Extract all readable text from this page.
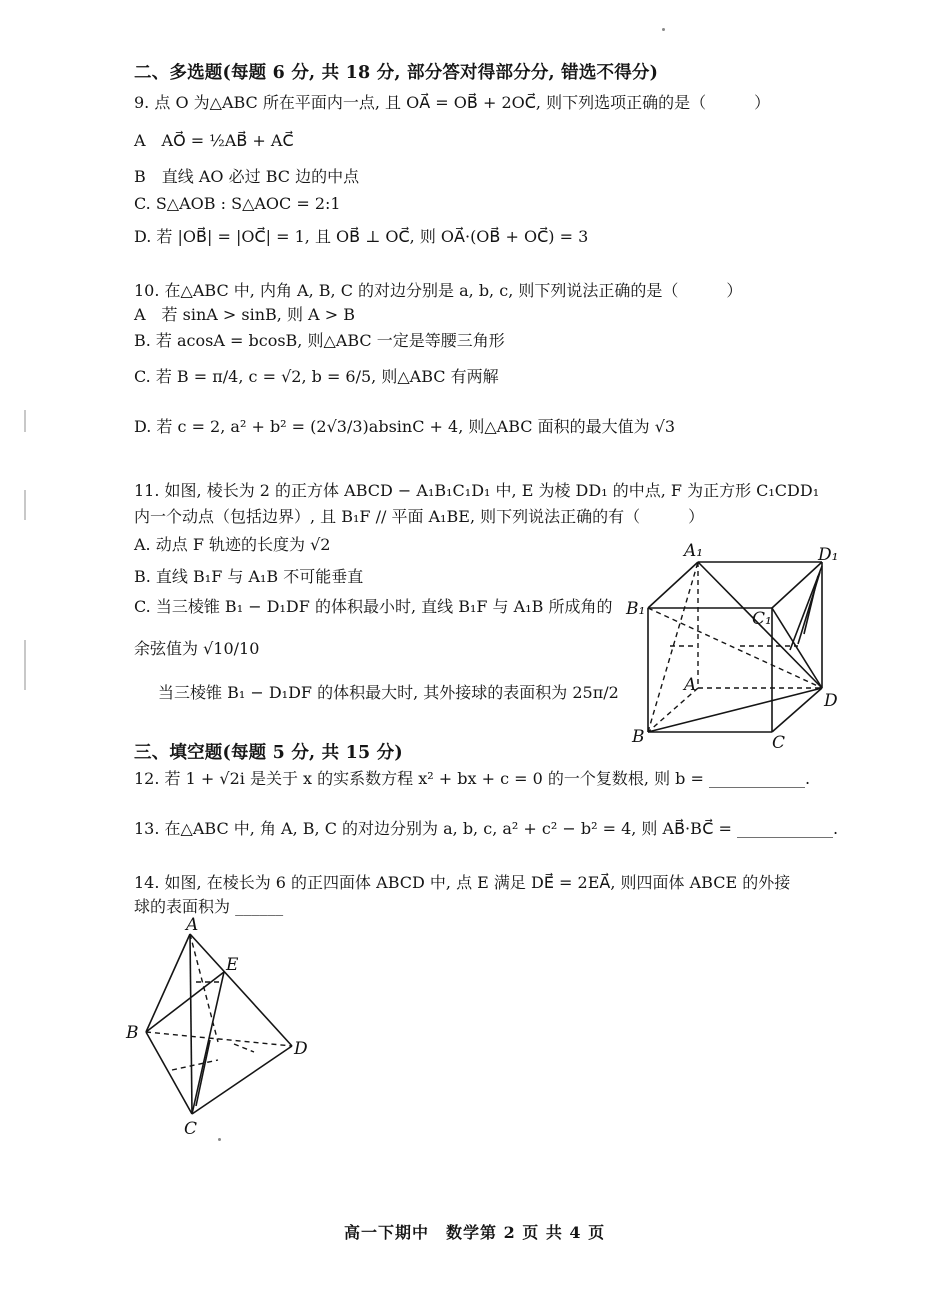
二、多选题(每题 6 分, 共 18 分, 部分答对得部分分, 错选不得分)
9. 点 O 为△ABC 所在平面内一点, 且 OA⃗ = OB⃗ + 2OC⃗, 则下列选项正确的是（　　　）
A　AO⃗ = ½AB⃗ + AC⃗
B　直线 AO 必过 BC 边的中点
C. S△AOB : S△AOC = 2:1
D. 若 |OB⃗| = |OC⃗| = 1, 且 OB⃗ ⊥ OC⃗, 则 OA⃗·(OB⃗ + OC⃗) = 3
10. 在△ABC 中, 内角 A, B, C 的对边分别是 a, b, c, 则下列说法正确的是（　　　）
A　若 sinA > sinB, 则 A > B
B. 若 acosA = bcosB, 则△ABC 一定是等腰三角形
C. 若 B = π/4, c = √2, b = 6/5, 则△ABC 有两解
D. 若 c = 2, a² + b² = (2√3/3)absinC + 4, 则△ABC 面积的最大值为 √3
11. 如图, 棱长为 2 的正方体 ABCD − A₁B₁C₁D₁ 中, E 为棱 DD₁ 的中点, F 为正方形 C₁CDD₁
内一个动点（包括边界）, 且 B₁F // 平面 A₁BE, 则下列说法正确的有（　　　）
A. 动点 F 轨迹的长度为 √2
B. 直线 B₁F 与 A₁B 不可能垂直
C. 当三棱锥 B₁ − D₁DF 的体积最小时, 直线 B₁F 与 A₁B 所成角的
余弦值为 √10/10
当三棱锥 B₁ − D₁DF 的体积最大时, 其外接球的表面积为 25π/2
A₁	D₁
B₁	C₁
A
D
B	C
三、填空题(每题 5 分, 共 15 分)
12. 若 1 + √2i 是关于 x 的实系数方程 x² + bx + c = 0 的一个复数根, 则 b = ____________.
13. 在△ABC 中, 角 A, B, C 的对边分别为 a, b, c, a² + c² − b² = 4, 则 AB⃗·BC⃗ = ____________.
14. 如图, 在棱长为 6 的正四面体 ABCD 中, 点 E 满足 DE⃗ = 2EA⃗, 则四面体 ABCE 的外接
球的表面积为 ______
A
E
B
D
C
高一下期中　数学第 2 页 共 4 页
